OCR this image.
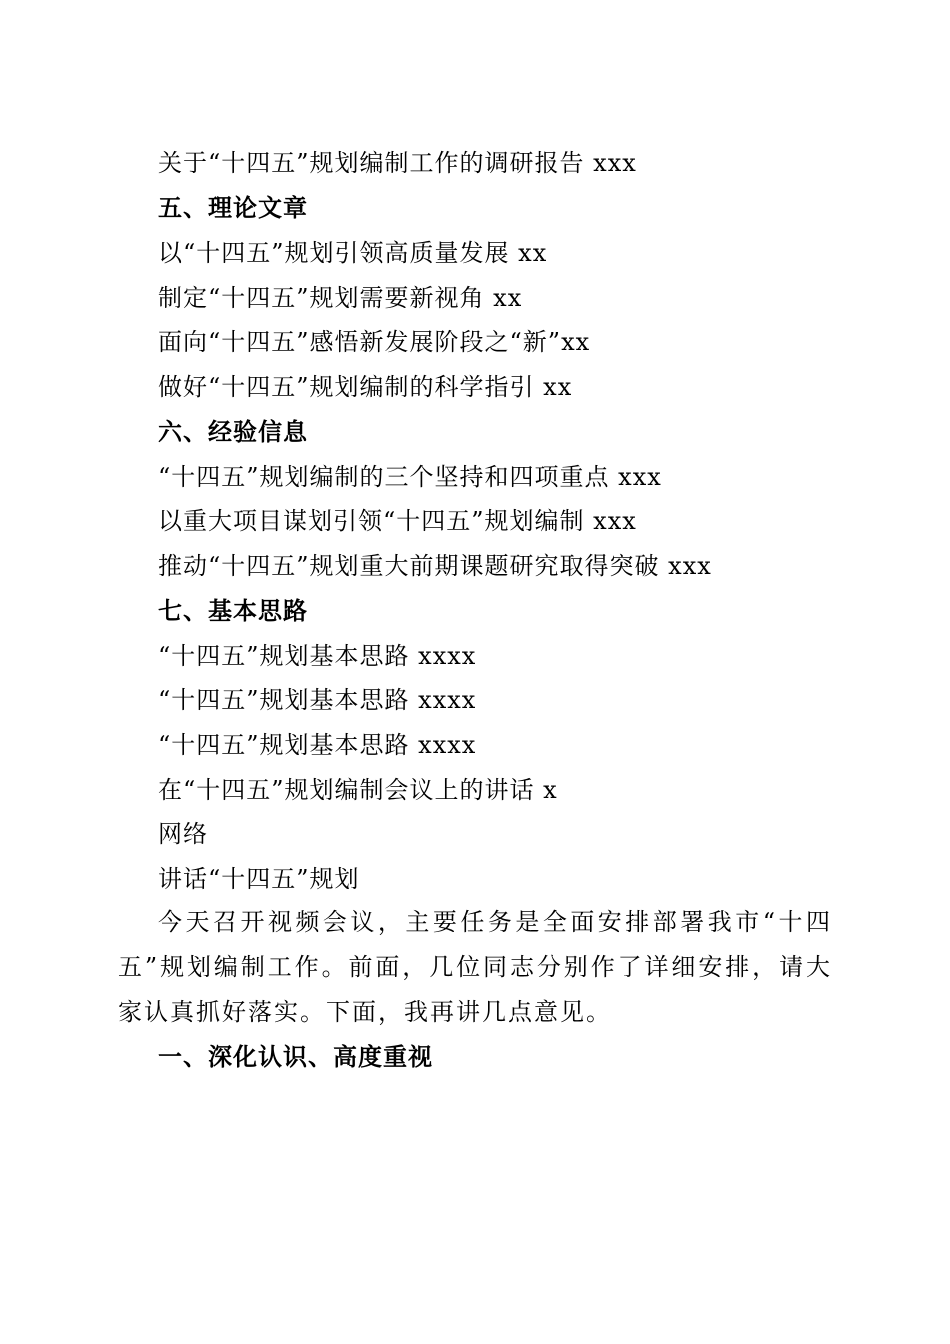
关于“十四五”规划编制工作的调研报告 xxx
五、理论文章
以“十四五”规划引领高质量发展 xx
制定“十四五”规划需要新视角 xx
面向“十四五”感悟新发展阶段之“新”xx
做好“十四五”规划编制的科学指引 xx
六、经验信息
“十四五”规划编制的三个坚持和四项重点 xxx
以重大项目谋划引领“十四五”规划编制 xxx
推动“十四五”规划重大前期课题研究取得突破 xxx
七、基本思路
“十四五”规划基本思路 xxxx
“十四五”规划基本思路 xxxx
“十四五”规划基本思路 xxxx
在“十四五”规划编制会议上的讲话 x
网络
讲话“十四五”规划
今天召开视频会议，主要任务是全面安排部署我市“十四五”规划编制工作。前面，几位同志分别作了详细安排，请大家认真抓好落实。下面，我再讲几点意见。
一、深化认识、高度重视
